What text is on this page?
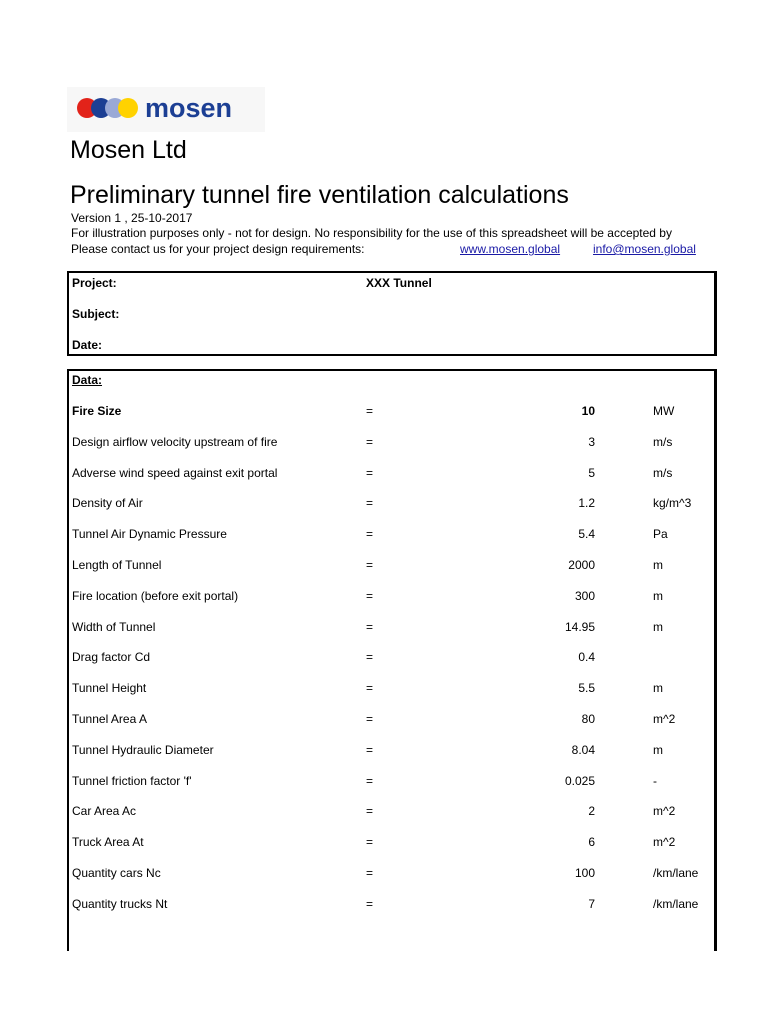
mosen
Mosen Ltd
Preliminary tunnel fire ventilation calculations
Version 1 , 25-10-2017
For illustration purposes only - not for design. No responsibility for the use of this spreadsheet will be accepted by
Please contact us for your project design requirements:	www.mosen.global	info@mosen.global
Project:	XXX Tunnel
Subject:
Date:
Data:
Fire Size	=	10	MW
Design airflow velocity upstream of fire	=	3	m/s
Adverse wind speed against exit portal	=	5	m/s
Density of Air	=	1.2	kg/m^3
Tunnel Air Dynamic Pressure	=	5.4	Pa
Length of Tunnel	=	2000	m
Fire location (before exit portal)	=	300	m
Width of Tunnel	=	14.95	m
Drag factor Cd	=	0.4
Tunnel Height	=	5.5	m
Tunnel Area A	=	80	m^2
Tunnel Hydraulic Diameter	=	8.04	m
Tunnel friction factor 'f'	=	0.025	-
Car Area Ac	=	2	m^2
Truck Area At	=	6	m^2
Quantity cars Nc	=	100	/km/lane
Quantity trucks Nt	=	7	/km/lane
